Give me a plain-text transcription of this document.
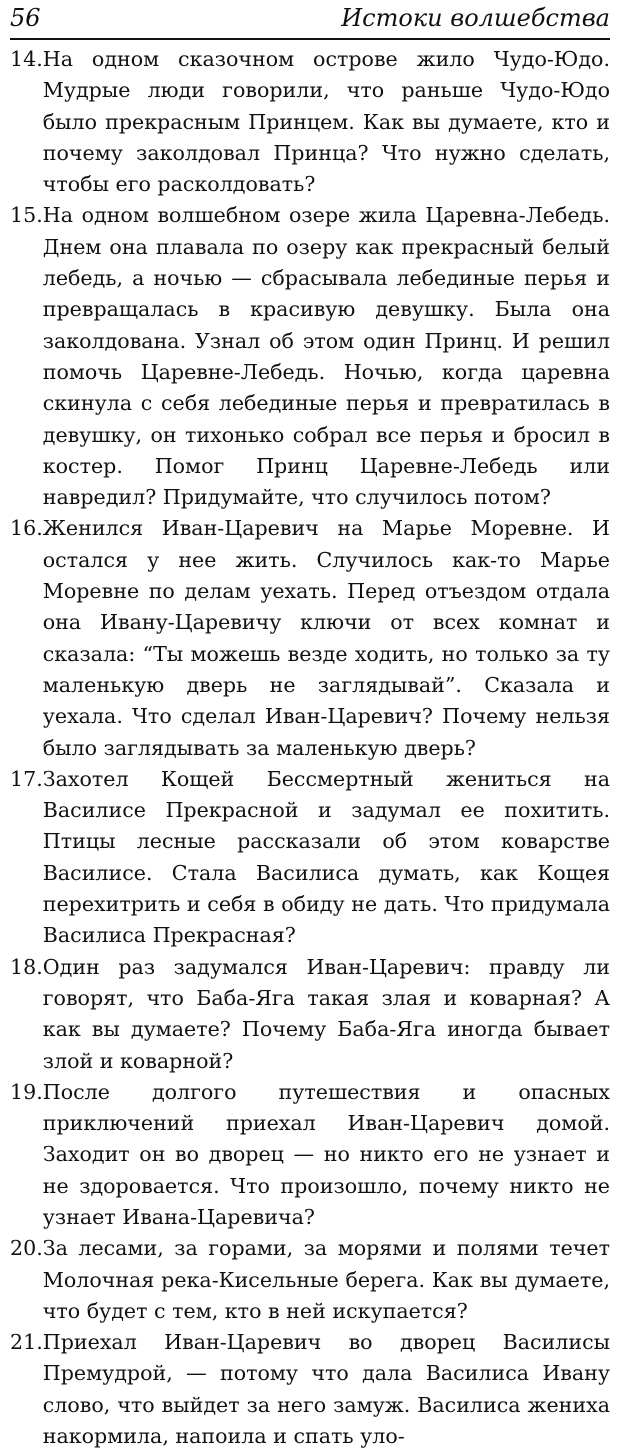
56	Истоки волшебства
14. На одном сказочном острове жило Чудо-Юдо. Мудрые люди говорили, что раньше Чудо-Юдо было прекрасным Принцем. Как вы думаете, кто и почему заколдовал Принца? Что нужно сделать, чтобы его расколдовать?
15. На одном волшебном озере жила Царевна-Лебедь. Днем она плавала по озеру как прекрасный белый лебедь, а ночью — сбрасывала лебединые перья и превращалась в красивую девушку. Была она заколдована. Узнал об этом один Принц. И решил помочь Царевне-Лебедь. Ночью, когда царевна скинула с себя лебединые перья и превратилась в девушку, он тихонько собрал все перья и бросил в костер. Помог Принц Царевне-Лебедь или навредил? Придумайте, что случилось потом?
16. Женился Иван-Царевич на Марье Моревне. И остался у нее жить. Случилось как-то Марье Моревне по делам уехать. Перед отъездом отдала она Ивану-Царевичу ключи от всех комнат и сказала: “Ты можешь везде ходить, но только за ту маленькую дверь не заглядывай”. Сказала и уехала. Что сделал Иван-Царевич? Почему нельзя было заглядывать за маленькую дверь?
17. Захотел Кощей Бессмертный жениться на Василисе Прекрасной и задумал ее похитить. Птицы лесные рассказали об этом коварстве Василисе. Стала Василиса думать, как Кощея перехитрить и себя в обиду не дать. Что придумала Василиса Прекрасная?
18. Один раз задумался Иван-Царевич: правду ли говорят, что Баба-Яга такая злая и коварная? А как вы думаете? Почему Баба-Яга иногда бывает злой и коварной?
19. После долгого путешествия и опасных приключений приехал Иван-Царевич домой. Заходит он во дворец — но никто его не узнает и не здоровается. Что произошло, почему никто не узнает Ивана-Царевича?
20. За лесами, за горами, за морями и полями течет Молочная река-Кисельные берега. Как вы думаете, что будет с тем, кто в ней искупается?
21. Приехал Иван-Царевич во дворец Василисы Премудрой, — потому что дала Василиса Ивану слово, что выйдет за него замуж. Василиса жениха накормила, напоила и спать уло-
